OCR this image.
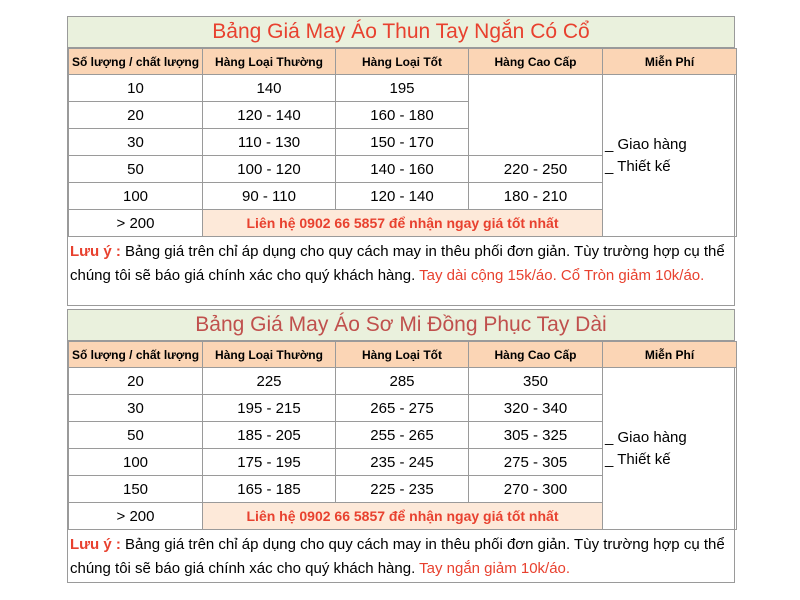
Bảng Giá May Áo Thun Tay Ngắn Có Cổ
Số lượng / chất lượng	Hàng Loại Thường	Hàng Loại Tốt	Hàng Cao Cấp	Miễn Phí
10	140	195		_ Giao hàng
_ Thiết kế

20	120 - 140	160 - 180		
30	110 - 130	150 - 170		
50	100 - 120	140 - 160	220 - 250	
100	90 - 110	120 - 140	180 - 210	
> 200	Liên hệ 0902 66 5857 để nhận ngay giá tốt nhất			
Lưu ý : Bảng giá trên chỉ áp dụng cho quy cách may in thêu phối đơn giản. Tùy trường hợp cụ thể chúng tôi sẽ báo giá chính xác cho quý khách hàng. Tay dài cộng 15k/áo. Cổ Tròn giảm 10k/áo.
Bảng Giá May Áo Sơ Mi Đồng Phục Tay Dài
Số lượng / chất lượng	Hàng Loại Thường	Hàng Loại Tốt	Hàng Cao Cấp	Miễn Phí
20	225	285	350	_ Giao hàng
_ Thiết kế

30	195 - 215	265 - 275	320 - 340	
50	185 - 205	255 - 265	305 - 325	
100	175 - 195	235 - 245	275 - 305	
150	165 - 185	225 - 235	270 - 300	
> 200	Liên hệ 0902 66 5857 để nhận ngay giá tốt nhất			
Lưu ý : Bảng giá trên chỉ áp dụng cho quy cách may in thêu phối đơn giản. Tùy trường hợp cụ thể chúng tôi sẽ báo giá chính xác cho quý khách hàng. Tay ngắn giảm 10k/áo.
